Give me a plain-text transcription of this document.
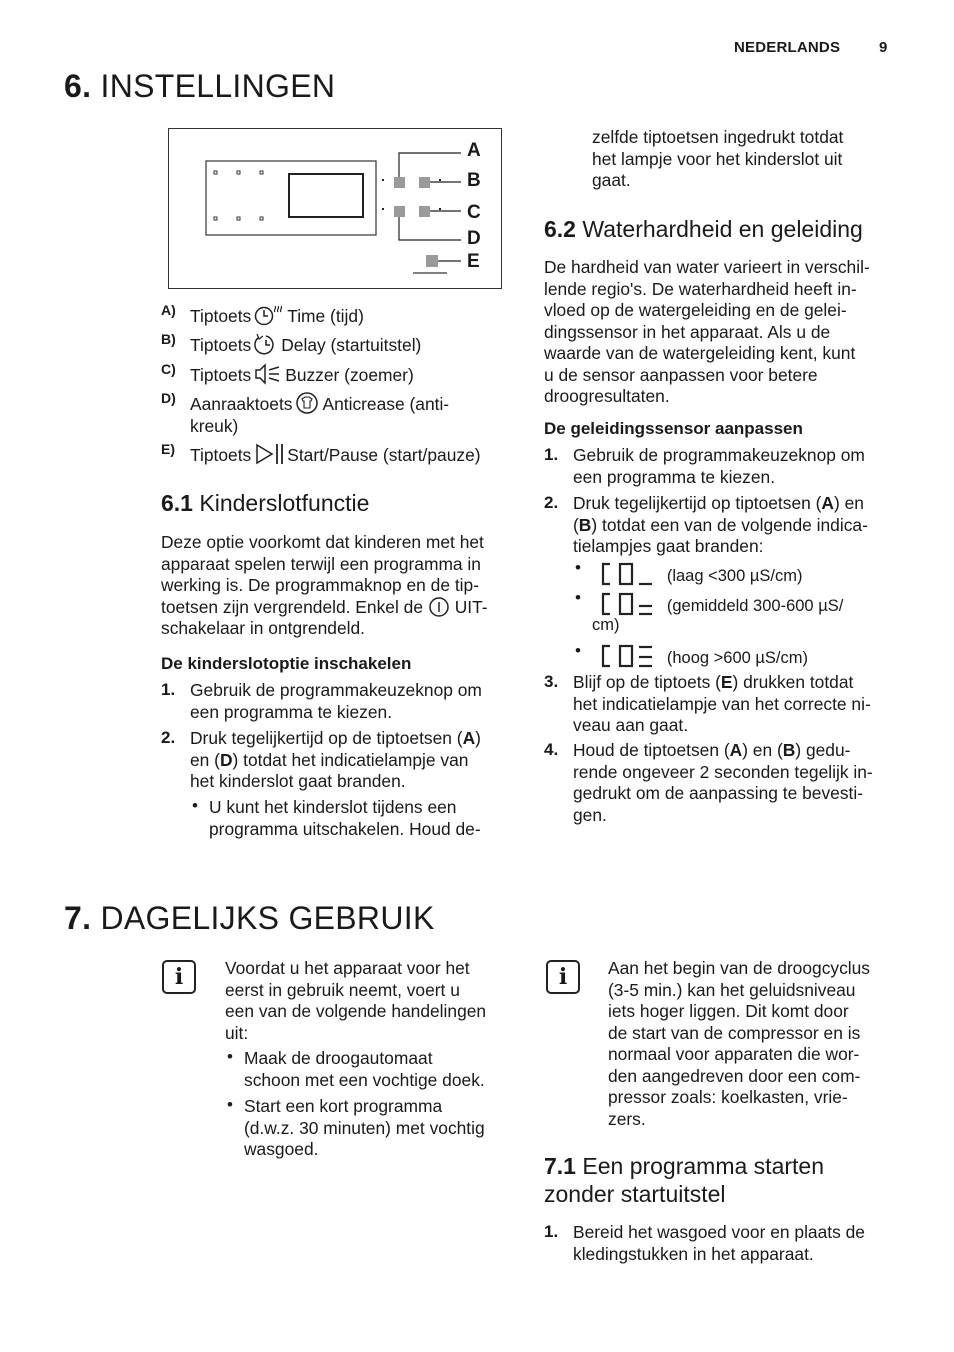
NEDERLANDS	9
6. INSTELLINGEN
A
B
C
D
E
A) Tiptoets Time (tijd)
B) Tiptoets Delay (startuitstel)
C) Tiptoets Buzzer (zoemer)
D) Aanraaktoets Anticrease (anti-
kreuk)
E) Tiptoets Start/Pause (start/pauze)
6.1 Kinderslotfunctie
Deze optie voorkomt dat kinderen met het
apparaat spelen terwijl een programma in
werking is. De programmaknop en de tip-
toetsen zijn vergrendeld. Enkel de UIT-
schakelaar in ontgrendeld.
De kinderslotoptie inschakelen
1. Gebruik de programmakeuzeknop om
een programma te kiezen.
2. Druk tegelijkertijd op de tiptoetsen (A)
en (D) totdat het indicatielampje van
het kinderslot gaat branden.
• U kunt het kinderslot tijdens een
programma uitschakelen. Houd de-
zelfde tiptoetsen ingedrukt totdat
het lampje voor het kinderslot uit
gaat.
6.2 Waterhardheid en geleiding
De hardheid van water varieert in verschil-
lende regio's. De waterhardheid heeft in-
vloed op de watergeleiding en de gelei-
dingssensor in het apparaat. Als u de
waarde van de watergeleiding kent, kunt
u de sensor aanpassen voor betere
droogresultaten.
De geleidingssensor aanpassen
1. Gebruik de programmakeuzeknop om
een programma te kiezen.
2. Druk tegelijkertijd op tiptoetsen (A) en
(B) totdat een van de volgende indica-
tielampjes gaat branden:
•	(laag <300 µS/cm)
•	(gemiddeld 300-600 µS/
cm)
•	(hoog >600 µS/cm)
3. Blijf op de tiptoets (E) drukken totdat
het indicatielampje van het correcte ni-
veau aan gaat.
4. Houd de tiptoetsen (A) en (B) gedu-
rende ongeveer 2 seconden tegelijk in-
gedrukt om de aanpassing te bevesti-
gen.
7. DAGELIJKS GEBRUIK
i	Voordat u het apparaat voor het
eerst in gebruik neemt, voert u
een van de volgende handelingen
uit:
• Maak de droogautomaat
schoon met een vochtige doek.
• Start een kort programma
(d.w.z. 30 minuten) met vochtig
wasgoed.
i	Aan het begin van de droogcyclus
(3-5 min.) kan het geluidsniveau
iets hoger liggen. Dit komt door
de start van de compressor en is
normaal voor apparaten die wor-
den aangedreven door een com-
pressor zoals: koelkasten, vrie-
zers.
7.1 Een programma starten
zonder startuitstel
1. Bereid het wasgoed voor en plaats de
kledingstukken in het apparaat.
